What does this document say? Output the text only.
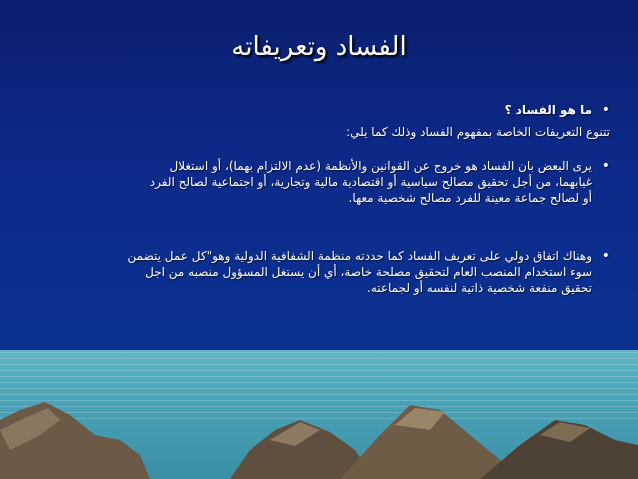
الفساد وتعريفاته
•
ما هو الفساد ؟
تتنوع التعريفات الخاصة بمفهوم الفساد وذلك كما يلي:
•
يرى البعض بان الفساد هو خروج عن القوانين والأنظمة (عدم الالتزام بهما)، أو استغلال
غيابهما، من أجل تحقيق مصالح سياسية أو اقتصادية مالية وتجارية، أو اجتماعية لصالح الفرد
أو لصالح جماعة معينة للفرد مصالح شخصية معها.
•
وهناك اتفاق دولي على تعريف الفساد كما حددته منظمة الشفافية الدولية وهو"كل عمل يتضمن
سوء استخدام المنصب العام لتحقيق مصلحة خاصة، أي أن يستغل المسؤول منصبه من اجل
تحقيق منفعة شخصية ذاتية لنفسه أو لجماعته.
